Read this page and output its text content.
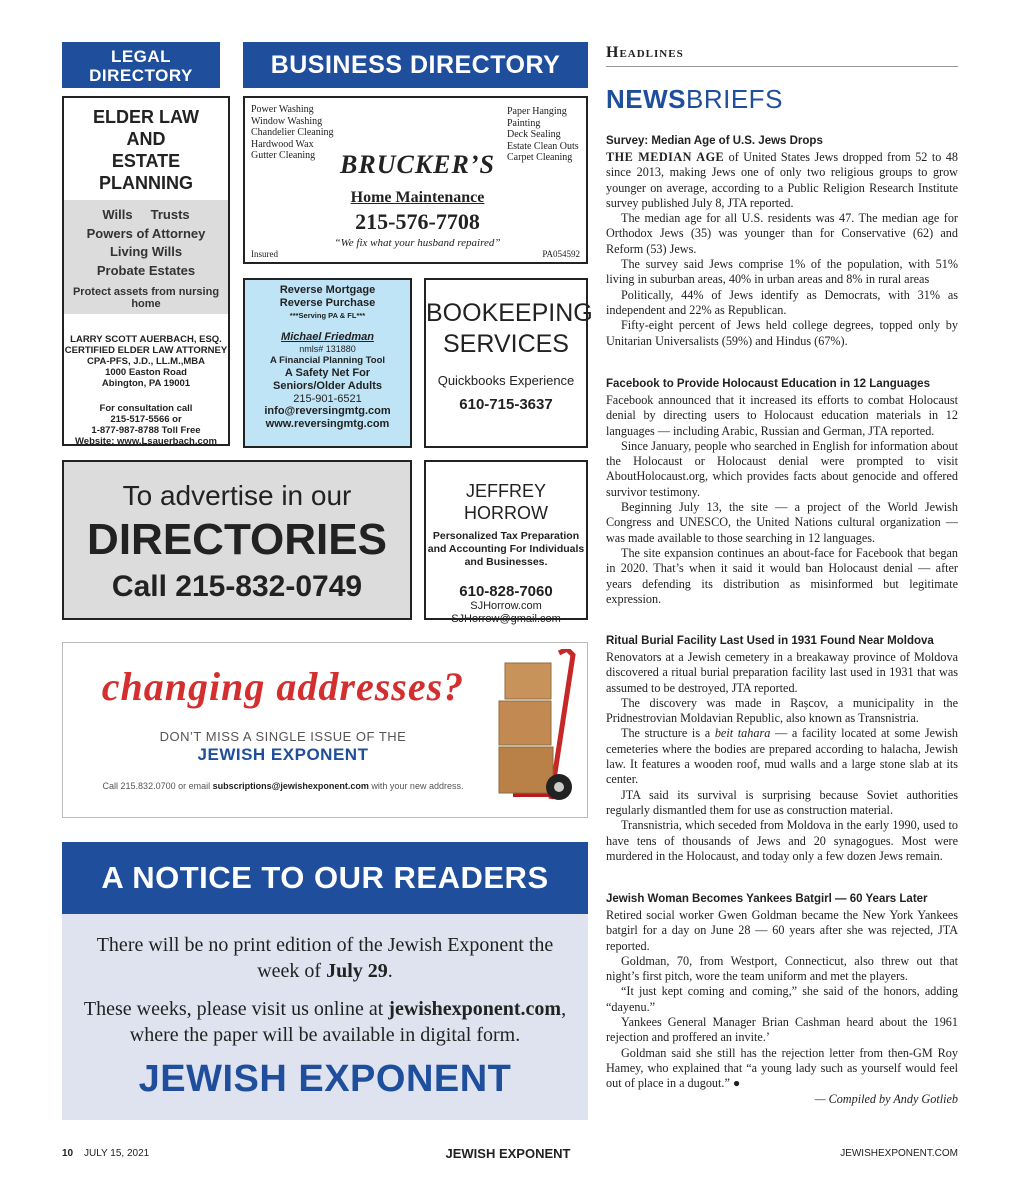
LEGAL
DIRECTORY	BUSINESS DIRECTORY
ELDER LAW
AND
ESTATE PLANNING
Wills     Trusts
Powers of Attorney
Living Wills
Probate Estates
Protect assets from nursing home
LARRY SCOTT AUERBACH, ESQ.
CERTIFIED ELDER LAW ATTORNEY
CPA-PFS, J.D., LL.M.,MBA
1000 Easton Road
Abington, PA 19001
For consultation call
215-517-5566 or
1-877-987-8788 Toll Free
Website: www.Lsauerbach.com
Power Washing
Window Washing
Chandelier Cleaning
Hardwood Wax
Gutter Cleaning
Paper Hanging
Painting
Deck Sealing
Estate Clean Outs
Carpet Cleaning
BRUCKER’S
Home Maintenance
215-576-7708
“We fix what your husband repaired”
Insured	PA054592
Reverse Mortgage
Reverse Purchase
***Serving PA & FL***
Michael Friedman
nmls# 131880
A Financial Planning Tool
A Safety Net For
Seniors/Older Adults
215-901-6521
info@reversingmtg.com
www.reversingmtg.com
BOOKEEPING
SERVICES
Quickbooks Experience
610-715-3637
To advertise in our
DIRECTORIES
Call 215-832-0749
JEFFREY HORROW
Personalized Tax Preparation
and Accounting For Individuals
and Businesses.
610-828-7060
SJHorrow.com
SJHorrow@gmail.com
changing addresses?
DON’T MISS A SINGLE ISSUE OF THE
JEWISH EXPONENT
Call 215.832.0700 or email subscriptions@jewishexponent.com with your new address.
A NOTICE TO OUR READERS

There will be no print edition of the Jewish Exponent the week of July 29.

These weeks, please visit us online at jewishexponent.com, where the paper will be available in digital form.

JEWISH EXPONENT
Headlines
NEWSBRIEFS
Survey: Median Age of U.S. Jews Drops

THE MEDIAN AGE of United States Jews dropped from 52 to 48 since 2013, making Jews one of only two religious groups to grow younger on average, according to a Public Religion Research Institute survey published July 8, JTA reported.

The median age for all U.S. residents was 47. The median age for Orthodox Jews (35) was younger than for Conservative (62) and Reform (53) Jews.

The survey said Jews comprise 1% of the population, with 51% living in suburban areas, 40% in urban areas and 8% in rural areas

Politically, 44% of Jews identify as Democrats, with 31% as independent and 22% as Republican.

Fifty-eight percent of Jews held college degrees, topped only by Unitarian Universalists (59%) and Hindus (67%).

Facebook to Provide Holocaust Education in 12 Languages

Facebook announced that it increased its efforts to combat Holocaust denial by directing users to Holocaust education materials in 12 languages — including Arabic, Russian and German, JTA reported.

Since January, people who searched in English for information about the Holocaust or Holocaust denial were prompted to visit AboutHolocaust.org, which provides facts about genocide and offered survivor testimony.

Beginning July 13, the site — a project of the World Jewish Congress and UNESCO, the United Nations cultural organization — was made available to those searching in 12 languages.

The site expansion continues an about-face for Facebook that began in 2020. That’s when it said it would ban Holocaust denial — after years defending its distribution as misinformed but legitimate expression.

Ritual Burial Facility Last Used in 1931 Found Near Moldova

Renovators at a Jewish cemetery in a breakaway province of Moldova discovered a ritual burial preparation facility last used in 1931 that was assumed to be destroyed, JTA reported.

The discovery was made in Rașcov, a municipality in the Pridnestrovian Moldavian Republic, also known as Transnistria.

The structure is a beit tahara — a facility located at some Jewish cemeteries where the bodies are prepared according to halacha, Jewish law. It features a wooden roof, mud walls and a large stone slab at its center.

JTA said its survival is surprising because Soviet authorities regularly dismantled them for use as construction material.

Transnistria, which seceded from Moldova in the early 1990, used to have tens of thousands of Jews and 20 synagogues. Most were murdered in the Holocaust, and today only a few dozen Jews remain.

Jewish Woman Becomes Yankees Batgirl — 60 Years Later

Retired social worker Gwen Goldman became the New York Yankees batgirl for a day on June 28 — 60 years after she was rejected, JTA reported.

Goldman, 70, from Westport, Connecticut, also threw out that night’s first pitch, wore the team uniform and met the players.

“It just kept coming and coming,” she said of the honors, adding “dayenu.”

Yankees General Manager Brian Cashman heard about the 1961 rejection and proffered an invite.’

Goldman said she still has the rejection letter from then-GM Roy Hamey, who explained that “a young lady such as yourself would feel out of place in a dugout.” ●

— Compiled by Andy Gotlieb
10 JULY 15, 2021	JEWISH EXPONENT	JEWISHEXPONENT.COM
